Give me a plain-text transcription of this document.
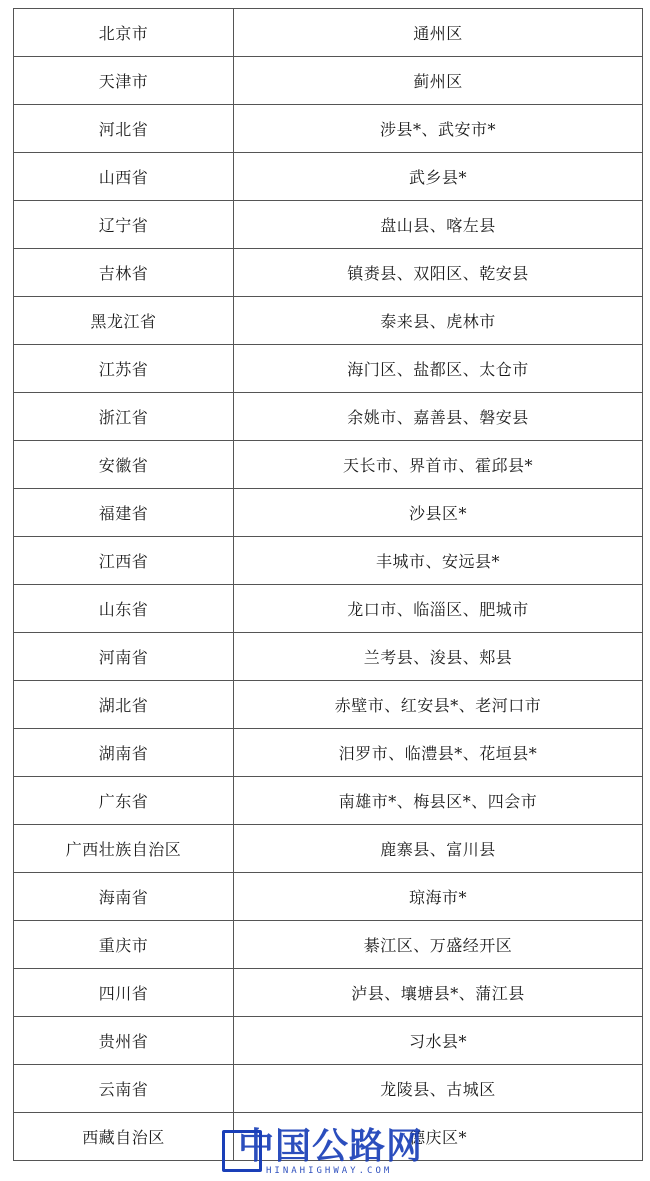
北京市	通州区
天津市	蓟州区
河北省	涉县*、武安市*
山西省	武乡县*
辽宁省	盘山县、喀左县
吉林省	镇赉县、双阳区、乾安县
黑龙江省	泰来县、虎林市
江苏省	海门区、盐都区、太仓市
浙江省	余姚市、嘉善县、磐安县
安徽省	天长市、界首市、霍邱县*
福建省	沙县区*
江西省	丰城市、安远县*
山东省	龙口市、临淄区、肥城市
河南省	兰考县、浚县、郏县
湖北省	赤壁市、红安县*、老河口市
湖南省	汨罗市、临澧县*、花垣县*
广东省	南雄市*、梅县区*、四会市
广西壮族自治区	鹿寨县、富川县
海南省	琼海市*
重庆市	綦江区、万盛经开区
四川省	泸县、壤塘县*、蒲江县
贵州省	习水县*
云南省	龙陵县、古城区
西藏自治区	德庆区*
中国公路网
HINAHIGHWAY.COM
